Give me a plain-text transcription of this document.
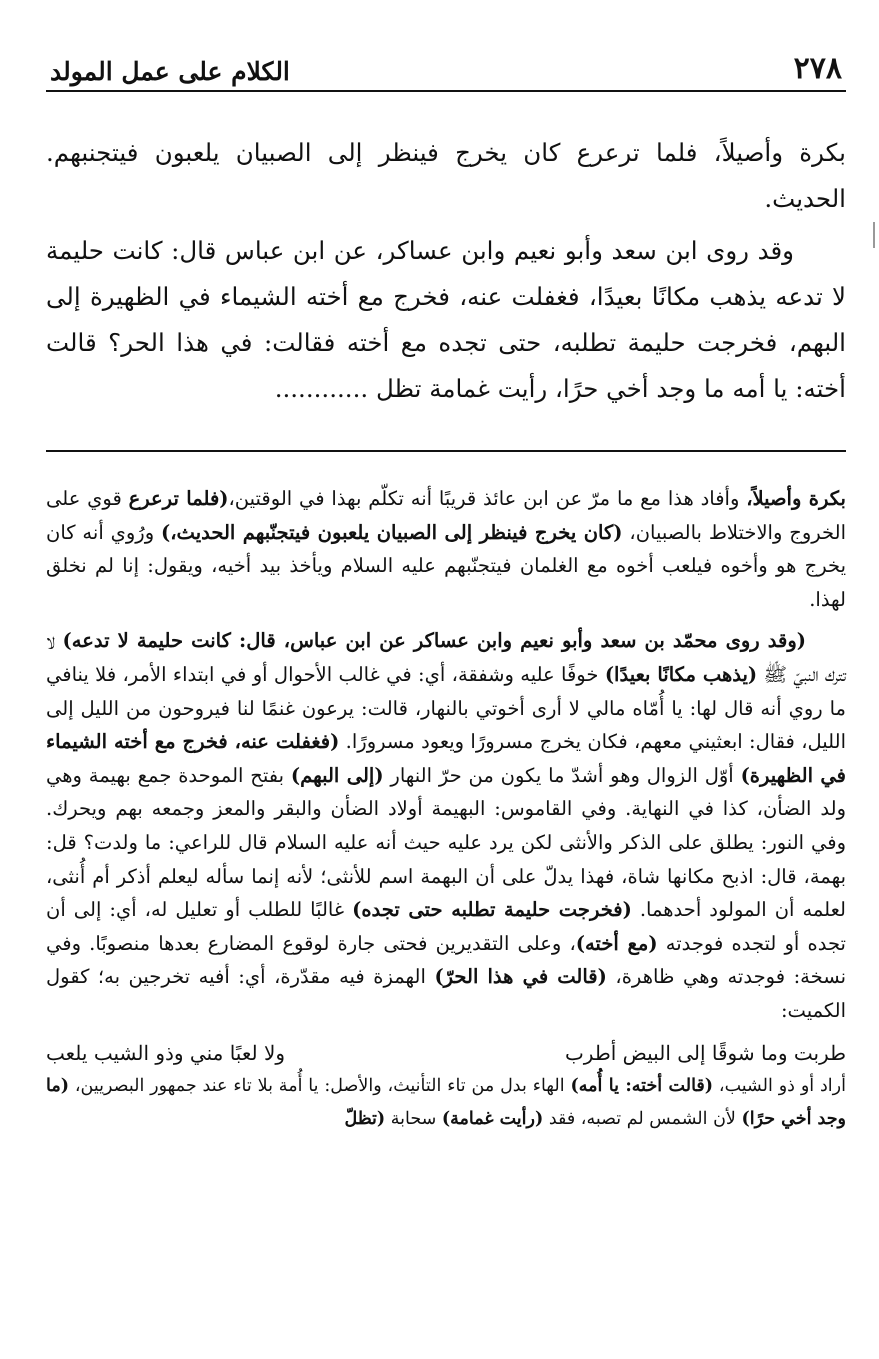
٢٧٨
الكلام على عمل المولد

بكرة وأصيلاً، فلما ترعرع كان يخرج فينظر إلى الصبيان يلعبون فيتجنبهم. الحديث.

وقد روى ابن سعد وأبو نعيم وابن عساكر، عن ابن عباس قال: كانت حليمة لا تدعه يذهب مكانًا بعيدًا، فغفلت عنه، فخرج مع أخته الشيماء في الظهيرة إلى البهم، فخرجت حليمة تطلبه، حتى تجده مع أخته فقالت: في هذا الحر؟ قالت أخته: يا أمه ما وجد أخي حرًا، رأيت غمامة تظل ............

بكرة وأصيلاً، وأفاد هذا مع ما مرّ عن ابن عائذ قريبًا أنه تكلّم بهذا في الوقتين،(فلما ترعرع قوي على الخروج والاختلاط بالصبيان، (كان يخرج فينظر إلى الصبيان يلعبون فيتجنّبهم الحديث،) ورُوي أنه كان يخرج هو وأخوه فيلعب أخوه مع الغلمان فيتجنّبهم عليه السلام ويأخذ بيد أخيه، ويقول: إنا لم نخلق لهذا.

(وقد روى محمّد بن سعد وأبو نعيم وابن عساكر عن ابن عباس، قال: كانت حليمة لا تدعه) لا تترك النبيّ ﷺ (يذهب مكانًا بعيدًا) خوفًا عليه وشفقة، أي: في غالب الأحوال أو في ابتداء الأمر، فلا ينافي ما روي أنه قال لها: يا أُمّاه مالي لا أرى أخوتي بالنهار، قالت: يرعون غنمًا لنا فيروحون من الليل إلى الليل، فقال: ابعثيني معهم، فكان يخرج مسرورًا ويعود مسرورًا. (فغفلت عنه، فخرج مع أخته الشيماء في الظهيرة) أوّل الزوال وهو أشدّ ما يكون من حرّ النهار (إلى البهم) بفتح الموحدة جمع بهيمة وهي ولد الضأن، كذا في النهاية. وفي القاموس: البهيمة أولاد الضأن والبقر والمعز وجمعه بهم ويحرك. وفي النور: يطلق على الذكر والأنثى لكن يرد عليه حيث أنه عليه السلام قال للراعي: ما ولدت؟ قل: بهمة، قال: اذبح مكانها شاة، فهذا يدلّ على أن البهمة اسم للأنثى؛ لأنه إنما سأله ليعلم أذكر أم أُنثى، لعلمه أن المولود أحدهما. (فخرجت حليمة تطلبه حتى تجده) غالبًا للطلب أو تعليل له، أي: إلى أن تجده أو لتجده فوجدته (مع أخته)، وعلى التقديرين فحتى جارة لوقوع المضارع بعدها منصوبًا. وفي نسخة: فوجدته وهي ظاهرة، (قالت في هذا الحرّ) الهمزة فيه مقدّرة، أي: أفيه تخرجين به؛ كقول الكميت:

طربت وما شوقًا إلى البيض أطرب
ولا لعبًا مني وذو الشيب يلعب

أراد أو ذو الشيب، (قالت أخته: يا أُمه) الهاء بدل من تاء التأنيث، والأصل: يا أُمة بلا تاء عند جمهور البصريين، (ما وجد أخي حرًا) لأن الشمس لم تصبه، فقد (رأيت غمامة) سحابة (تظلّ
